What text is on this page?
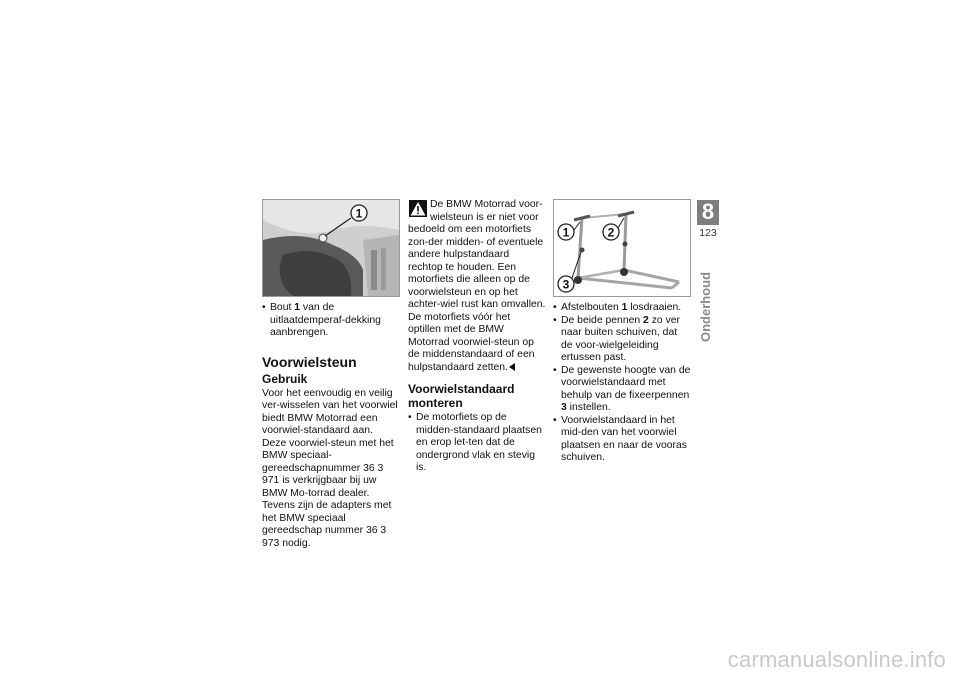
1
• Bout 1 van de uitlaatdemperaf-dekking aanbrengen.
Voorwielsteun
Gebruik

Voor het eenvoudig en veilig ver-wisselen van het voorwiel biedt BMW Motorrad een voorwiel-standaard aan. Deze voorwiel-steun met het BMW speciaal-gereedschapnummer 36 3 971 is verkrijgbaar bij uw BMW Mo-torrad dealer. Tevens zijn de adapters met het BMW speciaal gereedschap nummer 36 3 973 nodig.

De BMW Motorrad voor-
wielsteun is er niet voor

bedoeld om een motorfiets zon-der midden- of eventuele andere hulpstandaard rechtop te houden. Een motorfiets die alleen op de voorwielsteun en op het achter-wiel rust kan omvallen.

De motorfiets vóór het optillen met de BMW Motorrad voorwiel-steun op de middenstandaard of een hulpstandaard zetten.

Voorwielstandaard monteren
• De motorfiets op de midden-standaard plaatsen en erop let-ten dat de ondergrond vlak en stevig is.
1	2
3
• Afstelbouten 1 losdraaien.
• De beide pennen 2 zo ver naar buiten schuiven, dat de voor-wielgeleiding ertussen past.
• De gewenste hoogte van de voorwielstandaard met behulp van de fixeerpennen 3 instellen.
• Voorwielstandaard in het mid-den van het voorwiel plaatsen en naar de vooras schuiven.
8
123
Onderhoud
carmanualsonline.info
